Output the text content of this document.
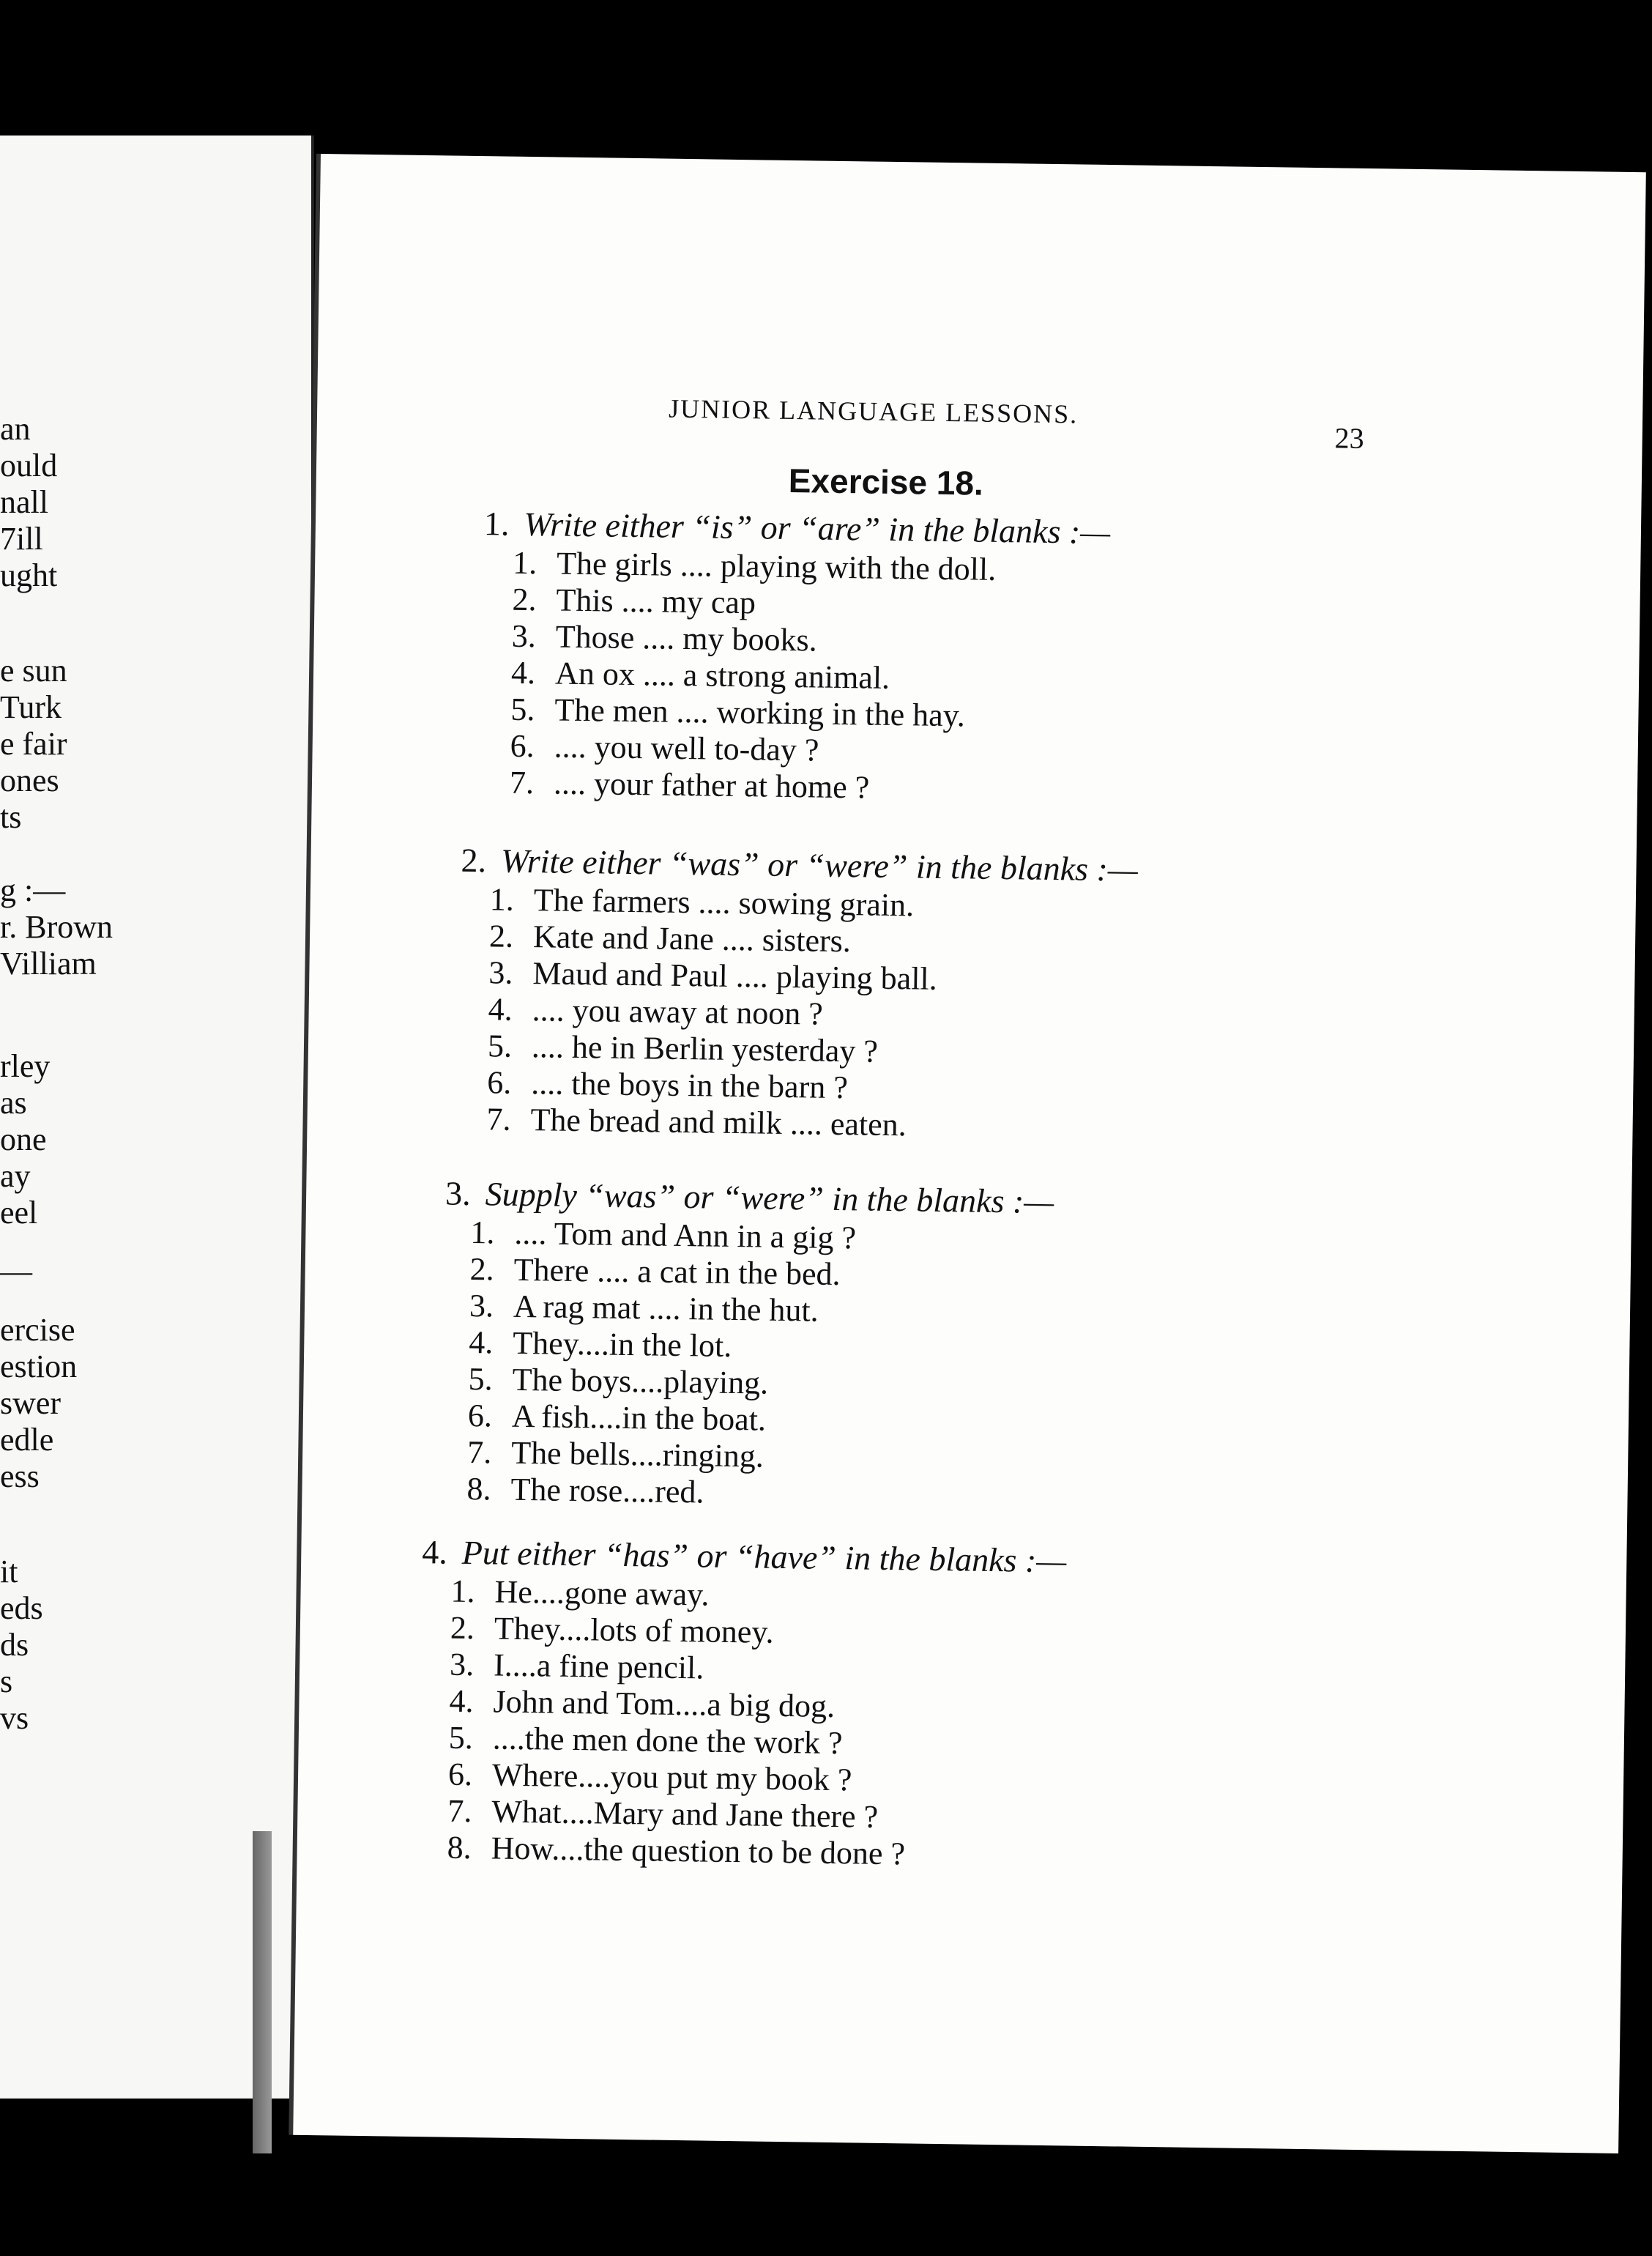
an
ould
nall
7ill
ught
e sun
Turk
e fair
ones
ts
g :—
r. Brown
Villiam
rley
as
one
ay
eel
—
ercise
estion
swer
edle
ess
it
eds
ds
s
vs
JUNIOR LANGUAGE LESSONS.
23
Exercise 18.
1. Write either “is” or “are” in the blanks :—
1. The girls .... playing with the doll.
2. This .... my cap
3. Those .... my books.
4. An ox .... a strong animal.
5. The men .... working in the hay.
6. .... you well to-day ?
7. .... your father at home ?
2. Write either “was” or “were” in the blanks :—
1. The farmers .... sowing grain.
2. Kate and Jane .... sisters.
3. Maud and Paul .... playing ball.
4. .... you away at noon ?
5. .... he in Berlin yesterday ?
6. .... the boys in the barn ?
7. The bread and milk .... eaten.
3. Supply “was” or “were” in the blanks :—
1. .... Tom and Ann in a gig ?
2. There .... a cat in the bed.
3. A rag mat .... in the hut.
4. They....in the lot.
5. The boys....playing.
6. A fish....in the boat.
7. The bells....ringing.
8. The rose....red.
4. Put either “has” or “have” in the blanks :—
1. He....gone away.
2. They....lots of money.
3. I....a fine pencil.
4. John and Tom....a big dog.
5. ....the men done the work ?
6. Where....you put my book ?
7. What....Mary and Jane there ?
8. How....the question to be done ?
